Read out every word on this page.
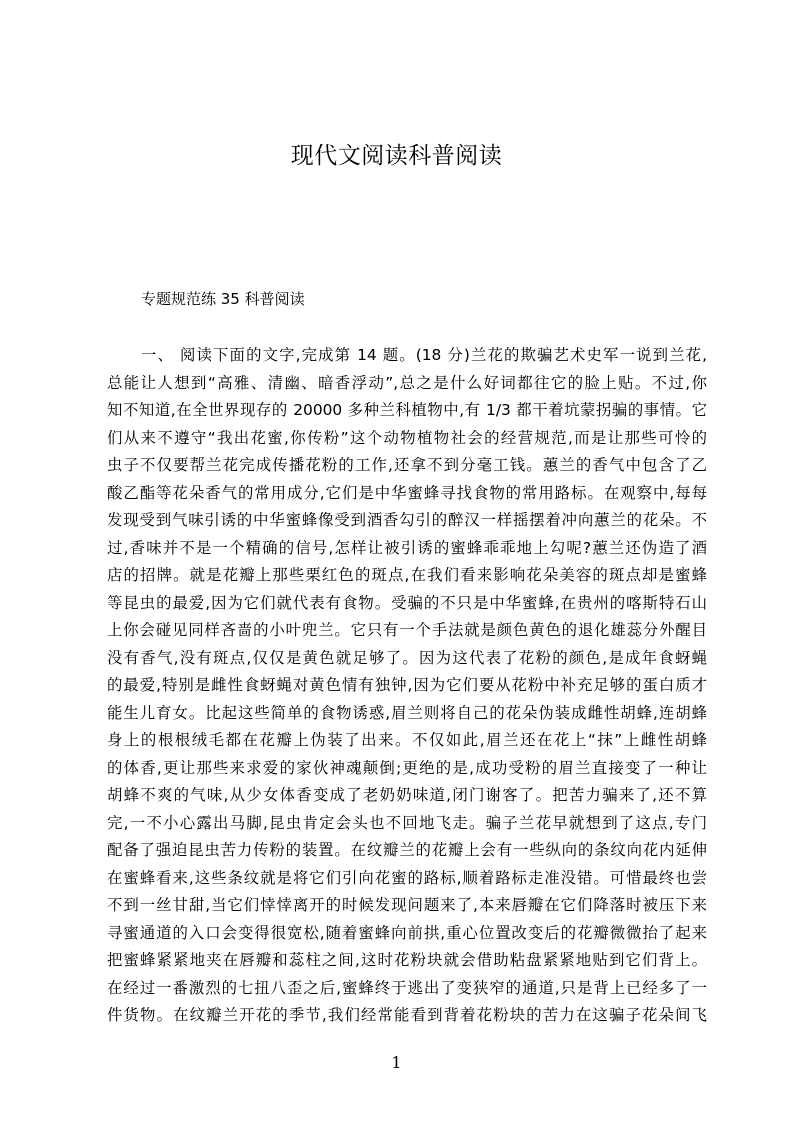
现代文阅读科普阅读
专题规范练 35 科普阅读
一、 阅读下面的文字,完成第 14 题。(18 分)兰花的欺骗艺术史军一说到兰花,
总能让人想到“高雅、清幽、暗香浮动”,总之是什么好词都往它的脸上贴。不过,你
知不知道,在全世界现存的 20000 多种兰科植物中,有 1/3 都干着坑蒙拐骗的事情。它
们从来不遵守“我出花蜜,你传粉”这个动物植物社会的经营规范,而是让那些可怜的
虫子不仅要帮兰花完成传播花粉的工作,还拿不到分毫工钱。蕙兰的香气中包含了乙
酸乙酯等花朵香气的常用成分,它们是中华蜜蜂寻找食物的常用路标。在观察中,每每
发现受到气味引诱的中华蜜蜂像受到酒香勾引的醉汉一样摇摆着冲向蕙兰的花朵。不
过,香味并不是一个精确的信号,怎样让被引诱的蜜蜂乖乖地上勾呢?蕙兰还伪造了酒
店的招牌。就是花瓣上那些栗红色的斑点,在我们看来影响花朵美容的斑点却是蜜蜂
等昆虫的最爱,因为它们就代表有食物。受骗的不只是中华蜜蜂,在贵州的喀斯特石山
上你会碰见同样吝啬的小叶兜兰。它只有一个手法就是颜色黄色的退化雄蕊分外醒目
没有香气,没有斑点,仅仅是黄色就足够了。因为这代表了花粉的颜色,是成年食蚜蝇
的最爱,特别是雌性食蚜蝇对黄色情有独钟,因为它们要从花粉中补充足够的蛋白质才
能生儿育女。比起这些简单的食物诱惑,眉兰则将自己的花朵伪装成雌性胡蜂,连胡蜂
身上的根根绒毛都在花瓣上伪装了出来。不仅如此,眉兰还在花上“抹”上雌性胡蜂
的体香,更让那些来求爱的家伙神魂颠倒;更绝的是,成功受粉的眉兰直接变了一种让
胡蜂不爽的气味,从少女体香变成了老奶奶味道,闭门谢客了。把苦力骗来了,还不算
完,一不小心露出马脚,昆虫肯定会头也不回地飞走。骗子兰花早就想到了这点,专门
配备了强迫昆虫苦力传粉的装置。在纹瓣兰的花瓣上会有一些纵向的条纹向花内延伸
在蜜蜂看来,这些条纹就是将它们引向花蜜的路标,顺着路标走准没错。可惜最终也尝
不到一丝甘甜,当它们悻悻离开的时候发现问题来了,本来唇瓣在它们降落时被压下来
寻蜜通道的入口会变得很宽松,随着蜜蜂向前拱,重心位置改变后的花瓣微微抬了起来
把蜜蜂紧紧地夹在唇瓣和蕊柱之间,这时花粉块就会借助粘盘紧紧地贴到它们背上。
在经过一番激烈的七扭八歪之后,蜜蜂终于逃出了变狭窄的通道,只是背上已经多了一
件货物。在纹瓣兰开花的季节,我们经常能看到背着花粉块的苦力在这骗子花朵间飞
1
